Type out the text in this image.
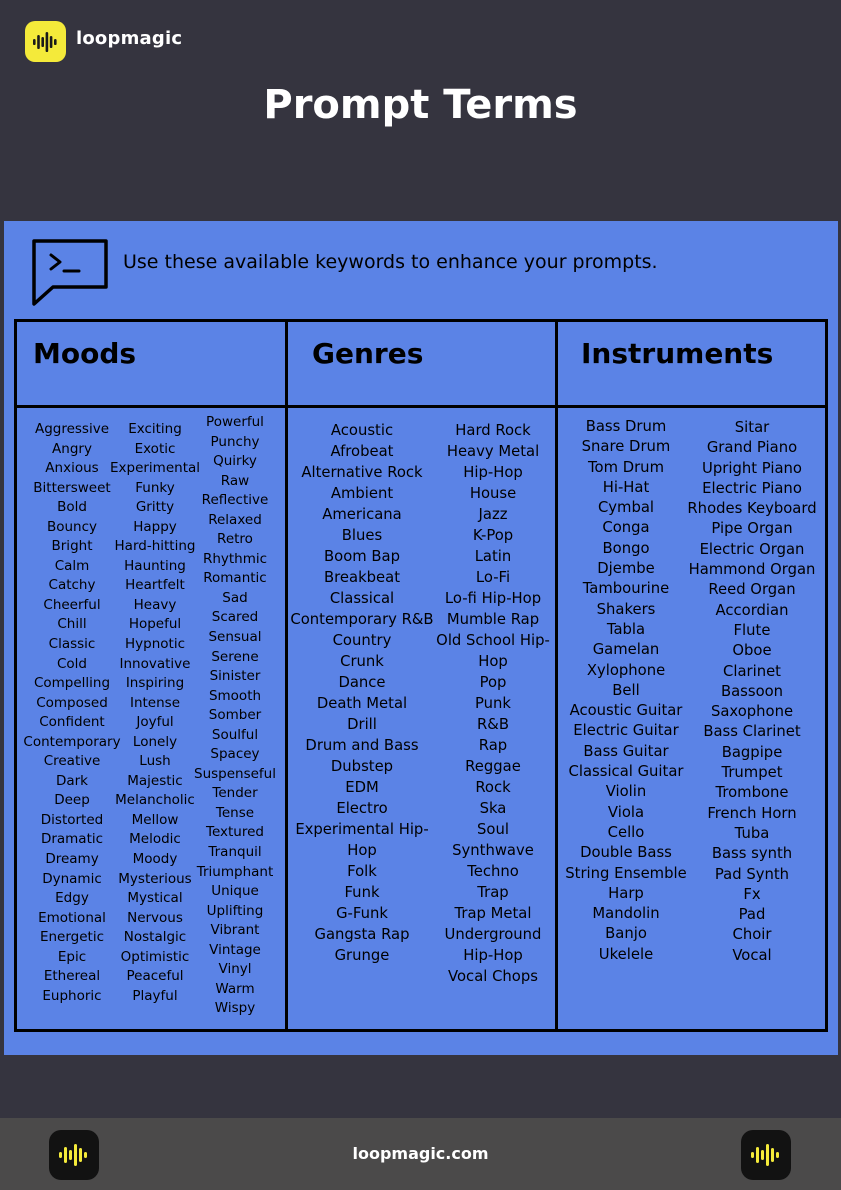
loopmagic
Prompt Terms
Use these available keywords to enhance your prompts.
Moods	Genres	Instruments
Aggressive
Angry
Anxious
Bittersweet
Bold
Bouncy
Bright
Calm
Catchy
Cheerful
Chill
Classic
Cold
Compelling
Composed
Confident
Contemporary
Creative
Dark
Deep
Distorted
Dramatic
Dreamy
Dynamic
Edgy
Emotional
Energetic
Epic
Ethereal
Euphoric
Exciting
Exotic
Experimental
Funky
Gritty
Happy
Hard-hitting
Haunting
Heartfelt
Heavy
Hopeful
Hypnotic
Innovative
Inspiring
Intense
Joyful
Lonely
Lush
Majestic
Melancholic
Mellow
Melodic
Moody
Mysterious
Mystical
Nervous
Nostalgic
Optimistic
Peaceful
Playful
Powerful
Punchy
Quirky
Raw
Reflective
Relaxed
Retro
Rhythmic
Romantic
Sad
Scared
Sensual
Serene
Sinister
Smooth
Somber
Soulful
Spacey
Suspenseful
Tender
Tense
Textured
Tranquil
Triumphant
Unique
Uplifting
Vibrant
Vintage
Vinyl
Warm
Wispy
Acoustic
Afrobeat
Alternative Rock
Ambient
Americana
Blues
Boom Bap
Breakbeat
Classical
Contemporary R&B
Country
Crunk
Dance
Death Metal
Drill
Drum and Bass
Dubstep
EDM
Electro
Experimental Hip-
Hop
Folk
Funk
G-Funk
Gangsta Rap
Grunge
Hard Rock
Heavy Metal
Hip-Hop
House
Jazz
K-Pop
Latin
Lo-Fi
Lo-fi Hip-Hop
Mumble Rap
Old School Hip-
Hop
Pop
Punk
R&B
Rap
Reggae
Rock
Ska
Soul
Synthwave
Techno
Trap
Trap Metal
Underground
Hip-Hop
Vocal Chops
Bass Drum
Snare Drum
Tom Drum
Hi-Hat
Cymbal
Conga
Bongo
Djembe
Tambourine
Shakers
Tabla
Gamelan
Xylophone
Bell
Acoustic Guitar
Electric Guitar
Bass Guitar
Classical Guitar
Violin
Viola
Cello
Double Bass
String Ensemble
Harp
Mandolin
Banjo
Ukelele
Sitar
Grand Piano
Upright Piano
Electric Piano
Rhodes Keyboard
Pipe Organ
Electric Organ
Hammond Organ
Reed Organ
Accordian
Flute
Oboe
Clarinet
Bassoon
Saxophone
Bass Clarinet
Bagpipe
Trumpet
Trombone
French Horn
Tuba
Bass synth
Pad Synth
Fx
Pad
Choir
Vocal
loopmagic.com
